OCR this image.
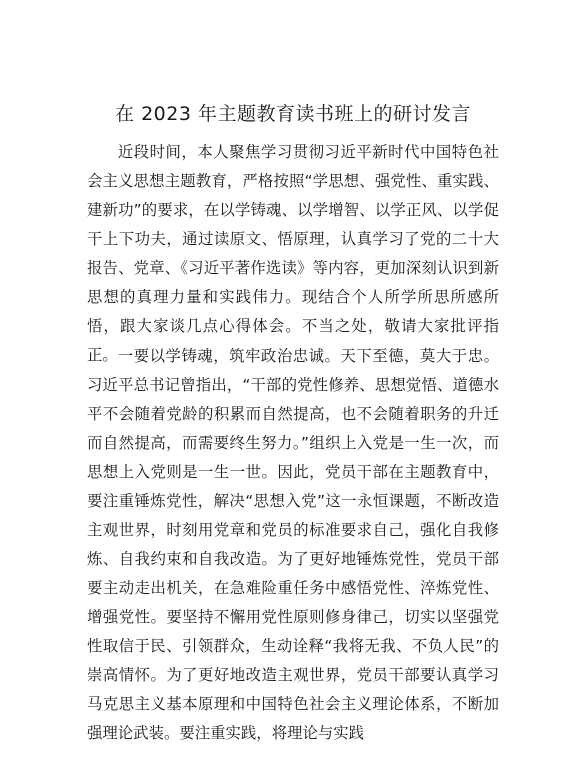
在 2023 年主题教育读书班上的研讨发言

近段时间，本人聚焦学习贯彻习近平新时代中国特色社会主义思想主题教育，严格按照“学思想、强党性、重实践、建新功”的要求，在以学铸魂、以学增智、以学正风、以学促干上下功夫，通过读原文、悟原理，认真学习了党的二十大报告、党章、《习近平著作选读》等内容，更加深刻认识到新思想的真理力量和实践伟力。现结合个人所学所思所感所悟，跟大家谈几点心得体会。不当之处，敬请大家批评指正。 一要以学铸魂，筑牢政治忠诚。天下至德，莫大于忠。习近平总书记曾指出，“干部的党性修养、思想觉悟、道德水平不会随着党龄的积累而自然提高，也不会随着职务的升迁而自然提高，而需要终生努力。”组织上入党是一生一次，而思想上入党则是一生一世。因此，党员干部在主题教育中，要注重锤炼党性，解决“思想入党”这一永恒课题，不断改造主观世界，时刻用党章和党员的标准要求自己，强化自我修炼、自我约束和自我改造。为了更好地锤炼党性，党员干部要主动走出机关，在急难险重任务中感悟党性、淬炼党性、增强党性。要坚持不懈用党性原则修身律己，切实以坚强党性取信于民、引领群众，生动诠释“我将无我、不负人民”的崇高情怀。为了更好地改造主观世界，党员干部要认真学习马克思主义基本原理和中国特色社会主义理论体系，不断加强理论武装。要注重实践，将理论与实践
